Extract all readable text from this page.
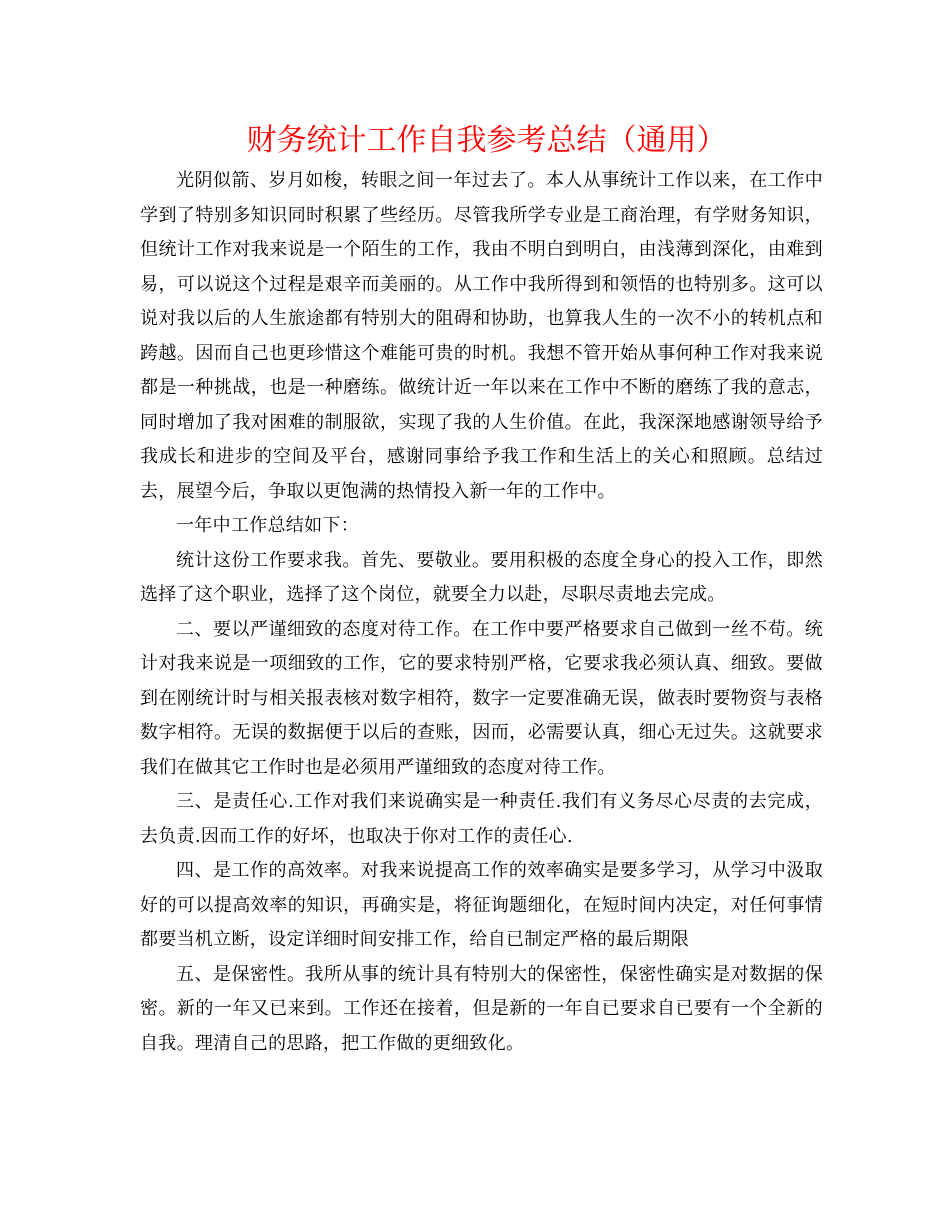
财务统计工作自我参考总结（通用）

光阴似箭、岁月如梭，转眼之间一年过去了。本人从事统计工作以来，在工作中学到了特别多知识同时积累了些经历。尽管我所学专业是工商治理，有学财务知识，但统计工作对我来说是一个陌生的工作，我由不明白到明白，由浅薄到深化，由难到易，可以说这个过程是艰辛而美丽的。从工作中我所得到和领悟的也特别多。这可以说对我以后的人生旅途都有特别大的阻碍和协助，也算我人生的一次不小的转机点和跨越。因而自己也更珍惜这个难能可贵的时机。我想不管开始从事何种工作对我来说都是一种挑战，也是一种磨练。做统计近一年以来在工作中不断的磨练了我的意志，同时增加了我对困难的制服欲，实现了我的人生价值。在此，我深深地感谢领导给予我成长和进步的空间及平台，感谢同事给予我工作和生活上的关心和照顾。总结过去，展望今后，争取以更饱满的热情投入新一年的工作中。

一年中工作总结如下：

统计这份工作要求我。首先、要敬业。要用积极的态度全身心的投入工作，即然选择了这个职业，选择了这个岗位，就要全力以赴，尽职尽责地去完成。

二、要以严谨细致的态度对待工作。在工作中要严格要求自己做到一丝不苟。统计对我来说是一项细致的工作，它的要求特别严格，它要求我必须认真、细致。要做到在刚统计时与相关报表核对数字相符，数字一定要准确无误，做表时要物资与表格数字相符。无误的数据便于以后的查账，因而，必需要认真，细心无过失。这就要求我们在做其它工作时也是必须用严谨细致的态度对待工作。

三、是责任心.工作对我们来说确实是一种责任.我们有义务尽心尽责的去完成，去负责.因而工作的好坏，也取决于你对工作的责任心.

四、是工作的高效率。对我来说提高工作的效率确实是要多学习，从学习中汲取好的可以提高效率的知识，再确实是，将征询题细化，在短时间内决定，对任何事情都要当机立断，设定详细时间安排工作，给自已制定严格的最后期限

五、是保密性。我所从事的统计具有特别大的保密性，保密性确实是对数据的保密。新的一年又已来到。工作还在接着，但是新的一年自已要求自已要有一个全新的自我。理清自己的思路，把工作做的更细致化。
